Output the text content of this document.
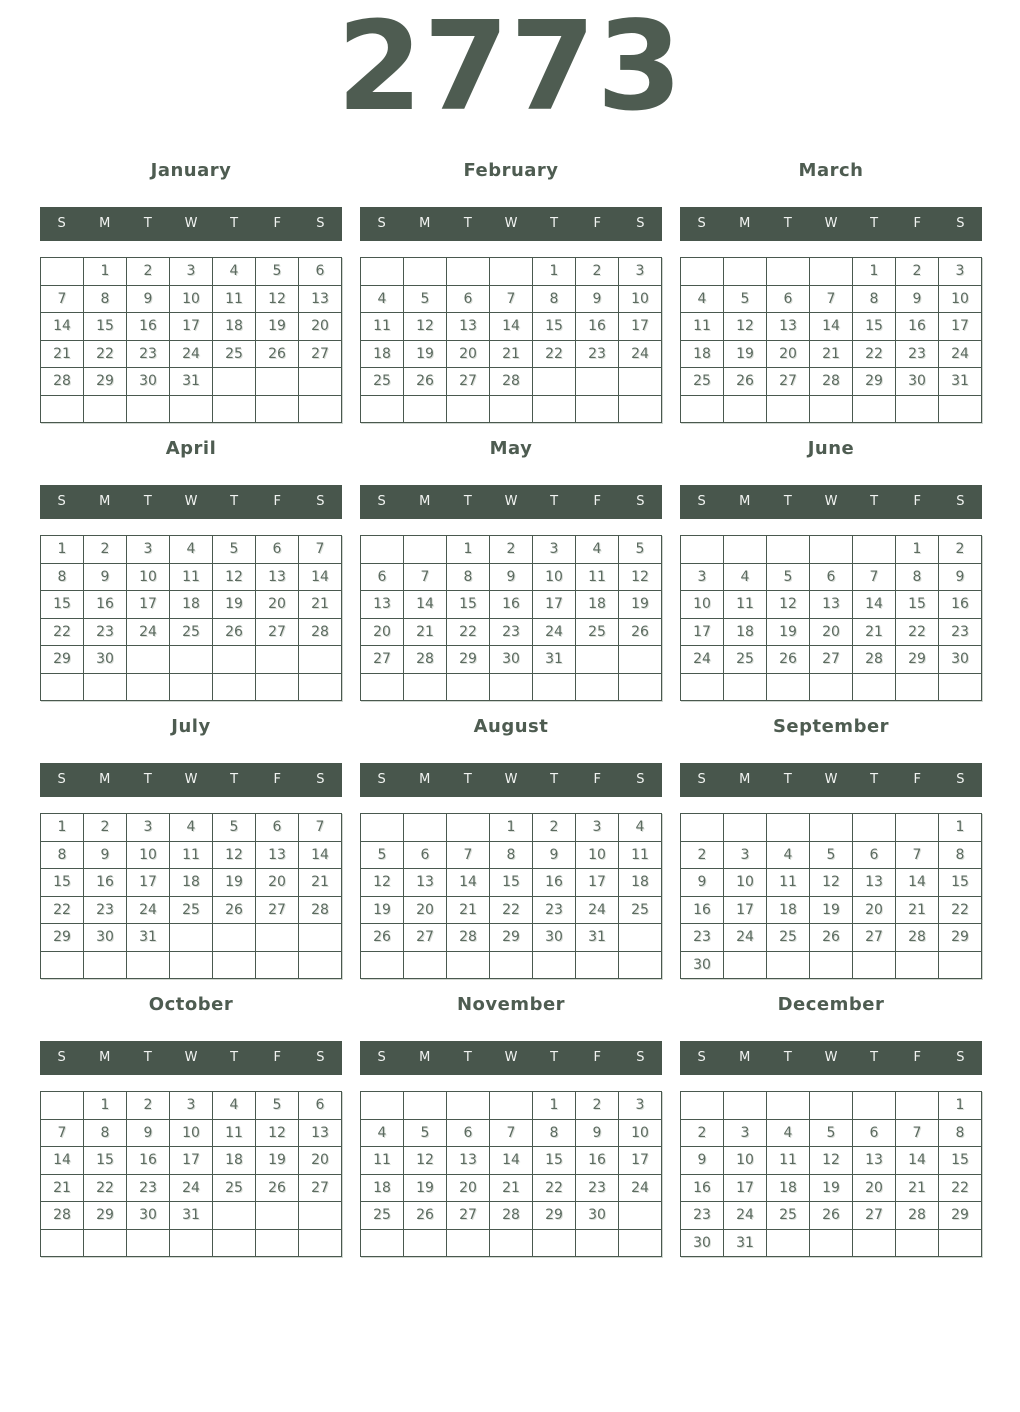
2773
January
S	M	T	W	T	F	S
	1	2	3	4	5	6
7	8	9	10	11	12	13
14	15	16	17	18	19	20
21	22	23	24	25	26	27
28	29	30	31			

February
S	M	T	W	T	F	S
				1	2	3
4	5	6	7	8	9	10
11	12	13	14	15	16	17
18	19	20	21	22	23	24
25	26	27	28			

March
S	M	T	W	T	F	S
				1	2	3
4	5	6	7	8	9	10
11	12	13	14	15	16	17
18	19	20	21	22	23	24
25	26	27	28	29	30	31

April
S	M	T	W	T	F	S
1	2	3	4	5	6	7
8	9	10	11	12	13	14
15	16	17	18	19	20	21
22	23	24	25	26	27	28
29	30					

May
S	M	T	W	T	F	S
		1	2	3	4	5
6	7	8	9	10	11	12
13	14	15	16	17	18	19
20	21	22	23	24	25	26
27	28	29	30	31		

June
S	M	T	W	T	F	S
					1	2
3	4	5	6	7	8	9
10	11	12	13	14	15	16
17	18	19	20	21	22	23
24	25	26	27	28	29	30

July
S	M	T	W	T	F	S
1	2	3	4	5	6	7
8	9	10	11	12	13	14
15	16	17	18	19	20	21
22	23	24	25	26	27	28
29	30	31				

August
S	M	T	W	T	F	S
			1	2	3	4
5	6	7	8	9	10	11
12	13	14	15	16	17	18
19	20	21	22	23	24	25
26	27	28	29	30	31	

September
S	M	T	W	T	F	S
						1
2	3	4	5	6	7	8
9	10	11	12	13	14	15
16	17	18	19	20	21	22
23	24	25	26	27	28	29
30						
October
S	M	T	W	T	F	S
	1	2	3	4	5	6
7	8	9	10	11	12	13
14	15	16	17	18	19	20
21	22	23	24	25	26	27
28	29	30	31			

November
S	M	T	W	T	F	S
				1	2	3
4	5	6	7	8	9	10
11	12	13	14	15	16	17
18	19	20	21	22	23	24
25	26	27	28	29	30	

December
S	M	T	W	T	F	S
						1
2	3	4	5	6	7	8
9	10	11	12	13	14	15
16	17	18	19	20	21	22
23	24	25	26	27	28	29
30	31					
